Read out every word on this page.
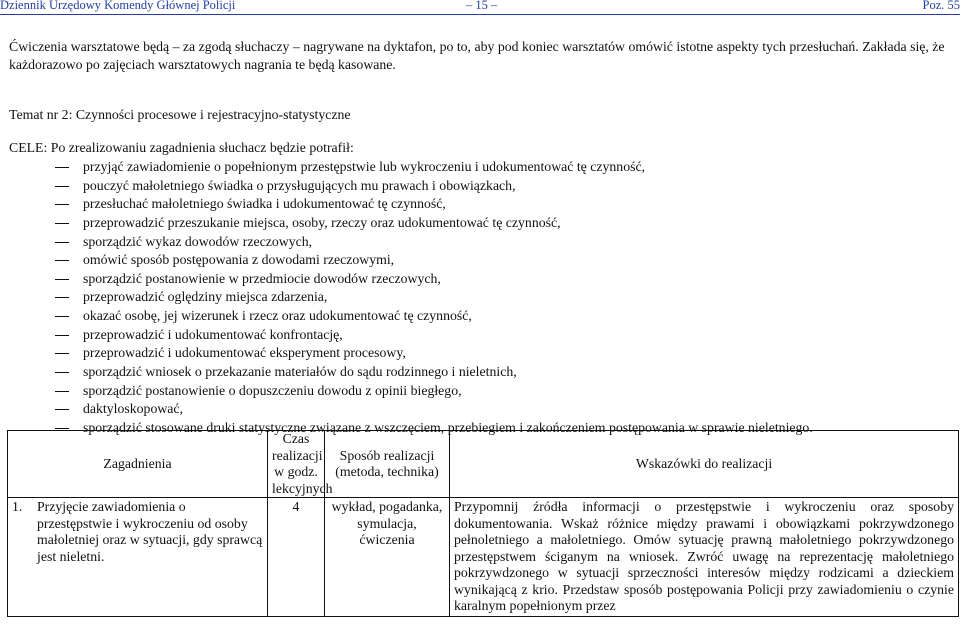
Dziennik Urzędowy Komendy Głównej Policji	– 15 –	Poz. 55
Ćwiczenia warsztatowe będą – za zgodą słuchaczy – nagrywane na dyktafon, po to, aby pod koniec warsztatów omówić istotne aspekty tych przesłuchań. Zakłada się, że każdorazowo po zajęciach warsztatowych nagrania te będą kasowane.
Temat nr 2: Czynności procesowe i rejestracyjno-statystyczne
CELE: Po zrealizowaniu zagadnienia słuchacz będzie potrafił:
przyjąć zawiadomienie o popełnionym przestępstwie lub wykroczeniu i udokumentować tę czynność,
pouczyć małoletniego świadka o przysługujących mu prawach i obowiązkach,
przesłuchać małoletniego świadka i udokumentować tę czynność,
przeprowadzić przeszukanie miejsca, osoby, rzeczy oraz udokumentować tę czynność,
sporządzić wykaz dowodów rzeczowych,
omówić sposób postępowania z dowodami rzeczowymi,
sporządzić postanowienie w przedmiocie dowodów rzeczowych,
przeprowadzić oględziny miejsca zdarzenia,
okazać osobę, jej wizerunek i rzecz oraz udokumentować tę czynność,
przeprowadzić i udokumentować konfrontację,
przeprowadzić i udokumentować eksperyment procesowy,
sporządzić wniosek o przekazanie materiałów do sądu rodzinnego i nieletnich,
sporządzić postanowienie o dopuszczeniu dowodu z opinii biegłego,
daktyloskopować,
sporządzić stosowane druki statystyczne związane z wszczęciem, przebiegiem i zakończeniem postępowania w sprawie nieletniego.
Zagadnienia	Czas realizacji w godz. lekcyjnych	Sposób realizacji (metoda, technika)	Wskazówki do realizacji

1. Przyjęcie zawiadomienia o przestępstwie i wykroczeniu od osoby małoletniej oraz w sytuacji, gdy sprawcą jest nieletni.	4	wykład, pogadanka, symulacja, ćwiczenia	Przypomnij źródła informacji o przestępstwie i wykroczeniu oraz sposoby dokumentowania. Wskaż różnice między prawami i obowiązkami pokrzywdzonego pełnoletniego a małoletniego. Omów sytuację prawną małoletniego pokrzywdzonego przestępstwem ściganym na wniosek. Zwróć uwagę na reprezentację małoletniego pokrzywdzonego w sytuacji sprzeczności interesów między rodzicami a dzieckiem wynikającą z krio. Przedstaw sposób postępowania Policji przy zawiadomieniu o czynie karalnym popełnionym przez
